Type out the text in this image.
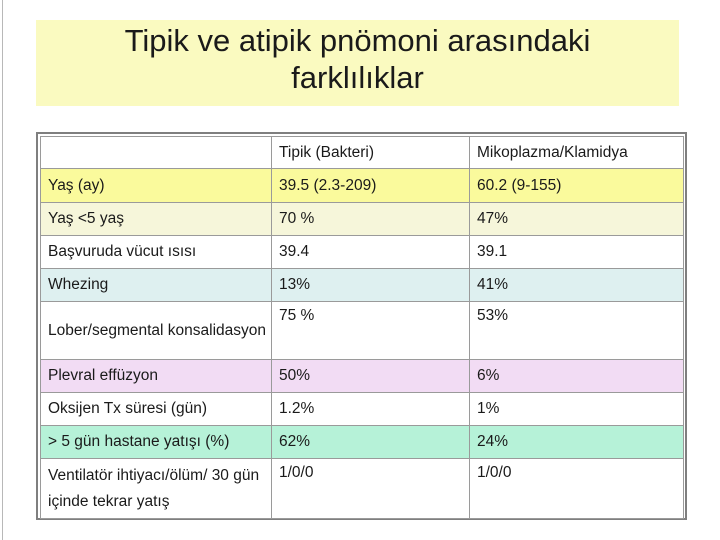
Tipik ve atipik pnömoni arasındaki
farklılıklar
	Tipik (Bakteri)	Mikoplazma/Klamidya
Yaş (ay)	39.5 (2.3-209)	60.2 (9-155)
Yaş <5 yaş	70 %	47%
Başvuruda vücut ısısı	39.4	39.1
Whezing	13%	41%
Lober/segmental konsalidasyon	75 %	53%
Plevral effüzyon	50%	6%
Oksijen Tx süresi (gün)	1.2%	1%
> 5 gün hastane yatışı (%)	62%	24%
Ventilatör ihtiyacı/ölüm/ 30 gün içinde tekrar yatış	1/0/0	1/0/0
